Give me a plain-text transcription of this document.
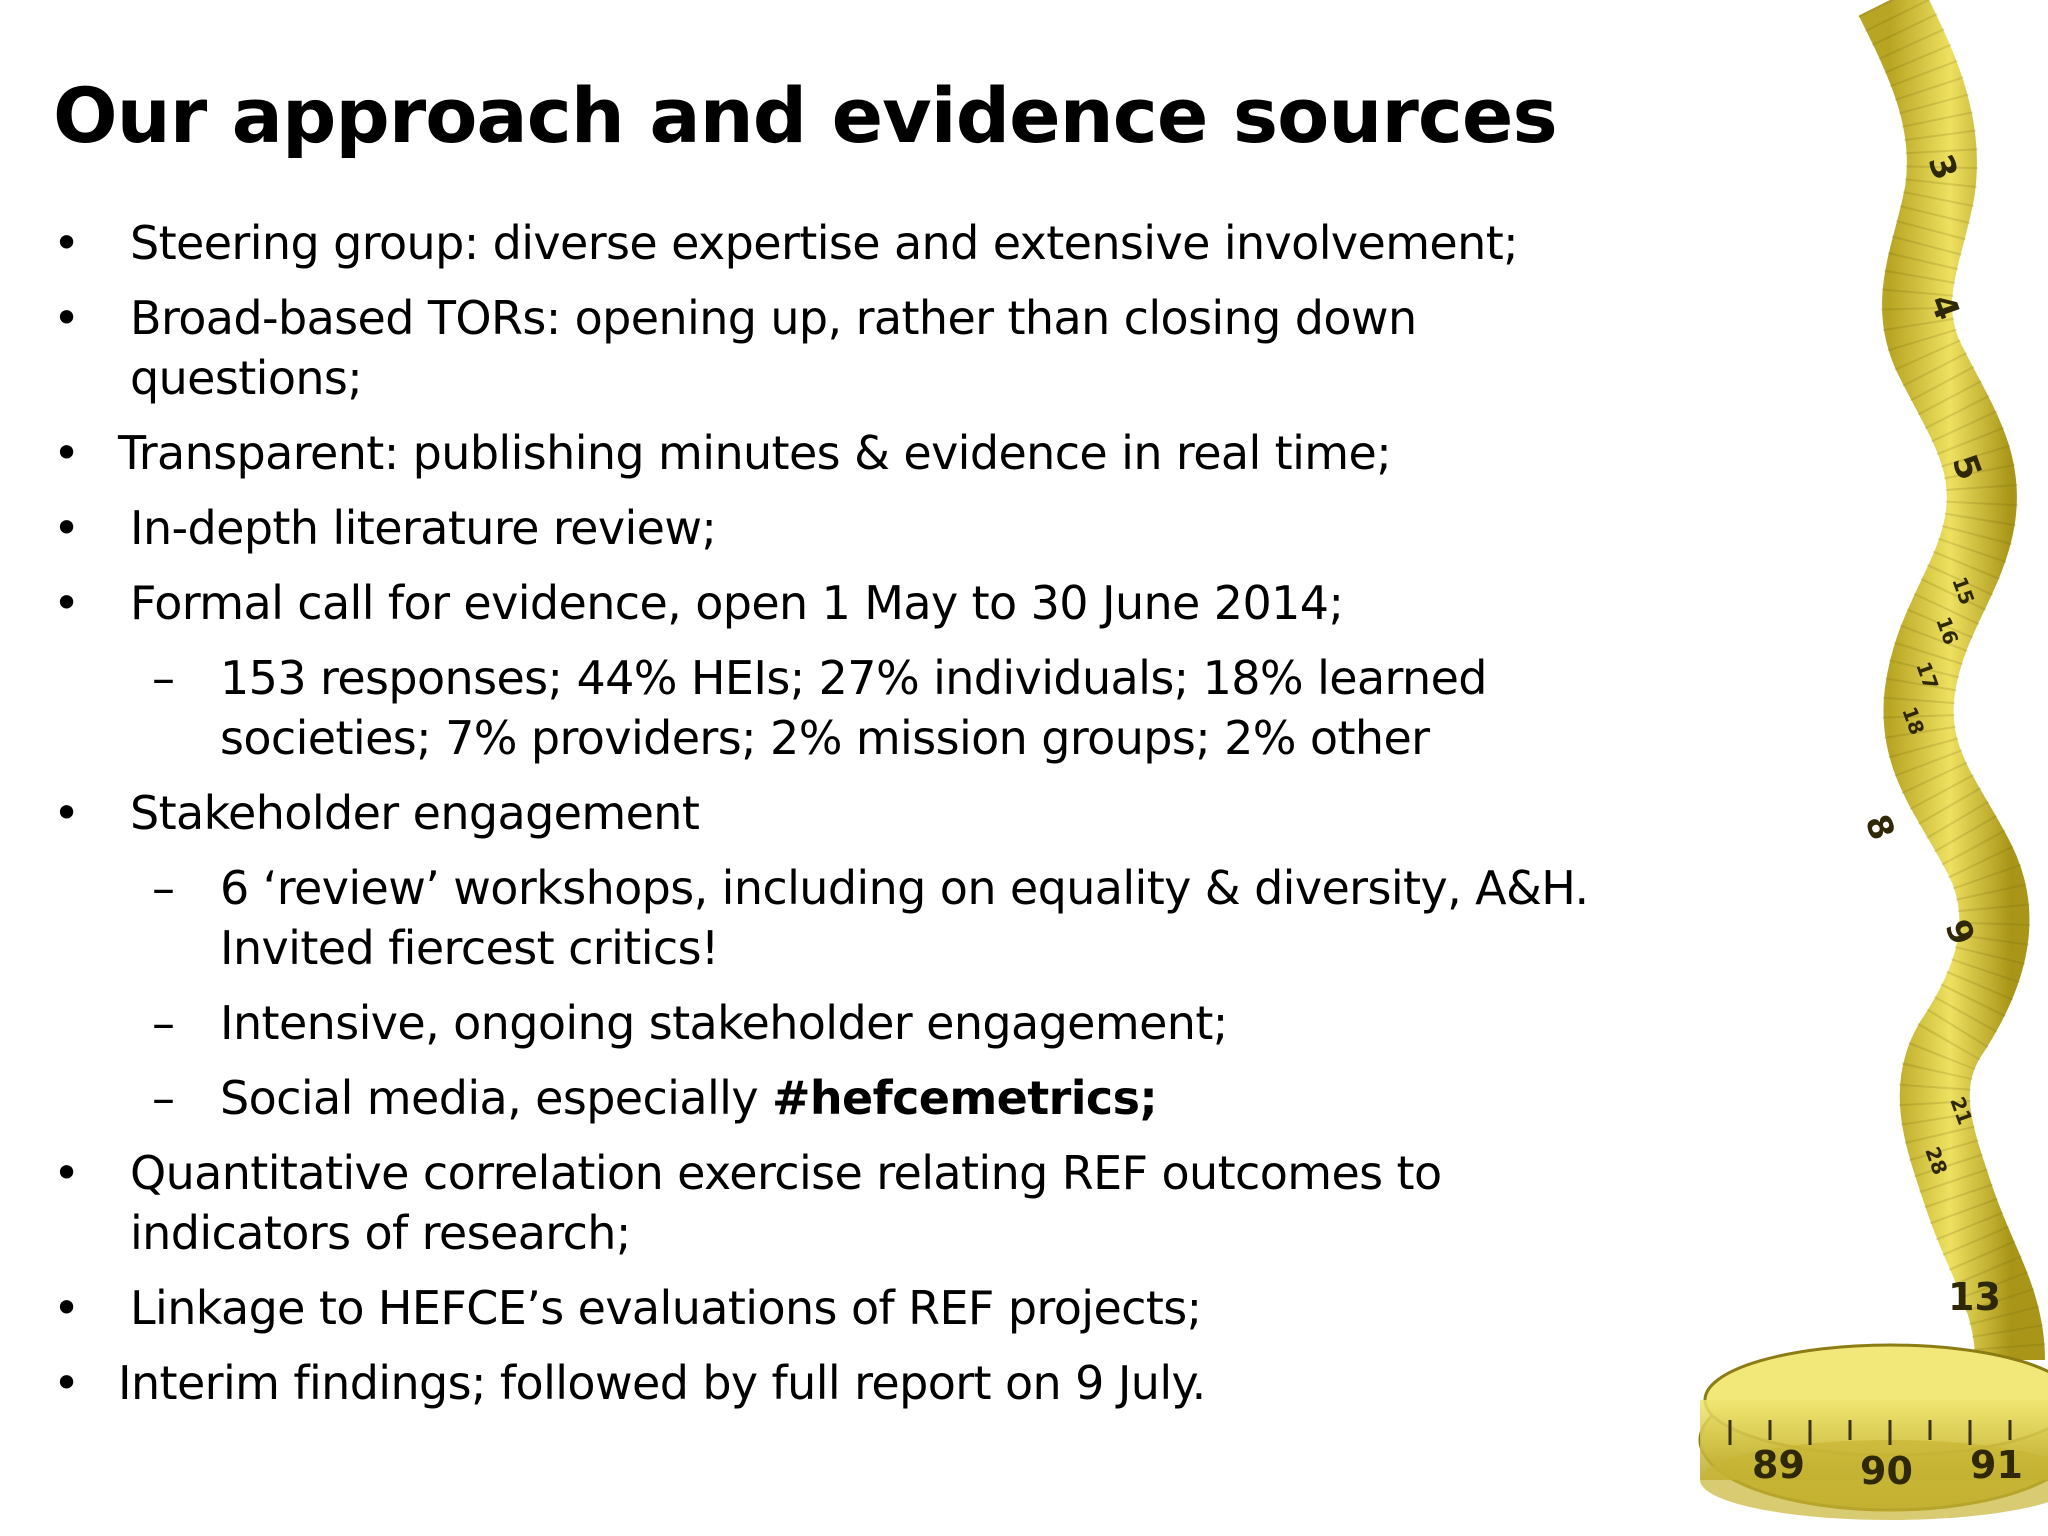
Our approach and evidence sources
• Steering group: diverse expertise and extensive involvement;
• Broad-based TORs: opening up, rather than closing down
questions;
• Transparent: publishing minutes & evidence in real time;
• In-depth literature review;
• Formal call for evidence, open 1 May to 30 June 2014;
– 153 responses; 44% HEIs; 27% individuals; 18% learned
societies; 7% providers; 2% mission groups; 2% other
• Stakeholder engagement
– 6 ‘review’ workshops, including on equality & diversity, A&H.
Invited fiercest critics!
– Intensive, ongoing stakeholder engagement;
– Social media, especially #hefcemetrics;
• Quantitative correlation exercise relating REF outcomes to
indicators of research;
• Linkage to HEFCE’s evaluations of REF projects;
• Interim findings; followed by full report on 9 July.
3
4
5
15
16
17
18
8
9
21
28
13
89 90 91
